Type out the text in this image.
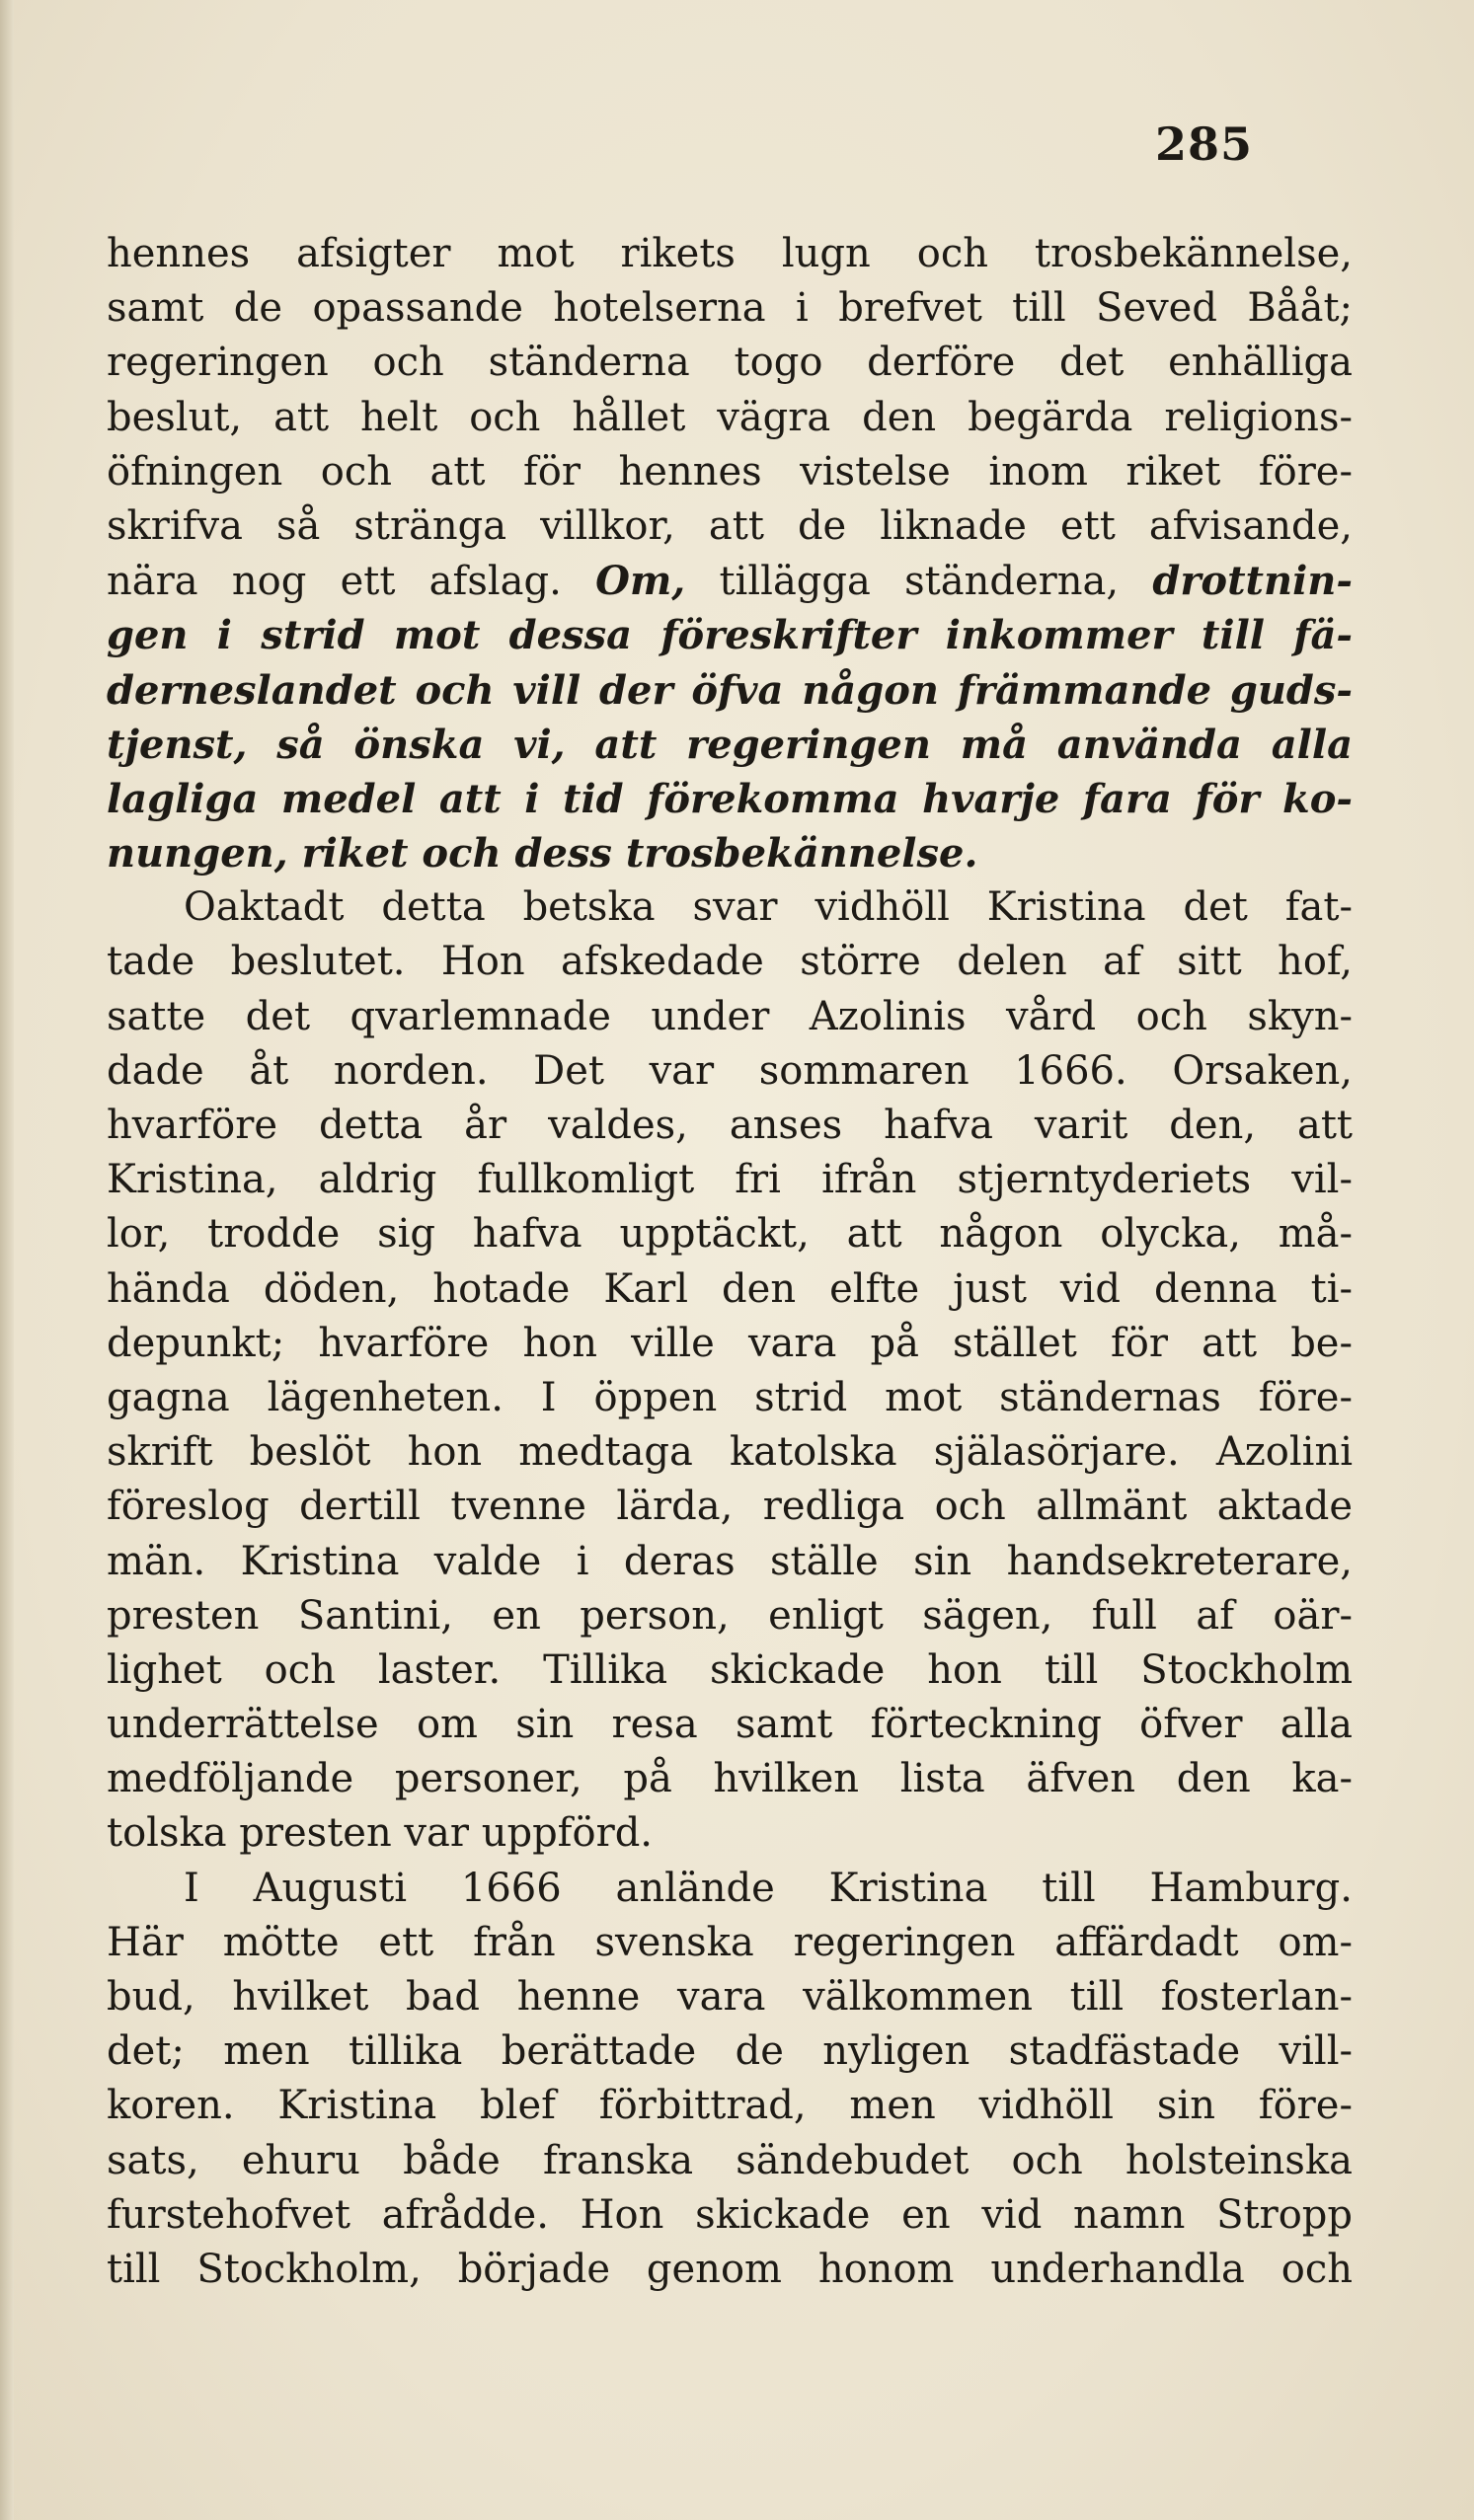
285
hennes afsigter mot rikets lugn och trosbekännelse,
samt de opassande hotelserna i brefvet till Seved Bååt;
regeringen och ständerna togo derföre det enhälliga
beslut, att helt och hållet vägra den begärda religions-
öfningen och att för hennes vistelse inom riket före-
skrifva så stränga villkor, att de liknade ett afvisande,
nära nog ett afslag. Om, tillägga ständerna, drottnin-
gen i strid mot dessa föreskrifter inkommer till fä-
derneslandet och vill der öfva någon främmande guds-
tjenst, så önska vi, att regeringen må använda alla
lagliga medel att i tid förekomma hvarje fara för ko-
nungen, riket och dess trosbekännelse.
Oaktadt detta betska svar vidhöll Kristina det fat-
tade beslutet. Hon afskedade större delen af sitt hof,
satte det qvarlemnade under Azolinis vård och skyn-
dade åt norden. Det var sommaren 1666. Orsaken,
hvarföre detta år valdes, anses hafva varit den, att
Kristina, aldrig fullkomligt fri ifrån stjerntyderiets vil-
lor, trodde sig hafva upptäckt, att någon olycka, må-
hända döden, hotade Karl den elfte just vid denna ti-
depunkt; hvarföre hon ville vara på stället för att be-
gagna lägenheten. I öppen strid mot ständernas före-
skrift beslöt hon medtaga katolska själasörjare. Azolini
föreslog dertill tvenne lärda, redliga och allmänt aktade
män. Kristina valde i deras ställe sin handsekreterare,
presten Santini, en person, enligt sägen, full af oär-
lighet och laster. Tillika skickade hon till Stockholm
underrättelse om sin resa samt förteckning öfver alla
medföljande personer, på hvilken lista äfven den ka-
tolska presten var uppförd.
I Augusti 1666 anlände Kristina till Hamburg.
Här mötte ett från svenska regeringen affärdadt om-
bud, hvilket bad henne vara välkommen till fosterlan-
det; men tillika berättade de nyligen stadfästade vill-
koren. Kristina blef förbittrad, men vidhöll sin före-
sats, ehuru både franska sändebudet och holsteinska
furstehofvet afrådde. Hon skickade en vid namn Stropp
till Stockholm, började genom honom underhandla och
